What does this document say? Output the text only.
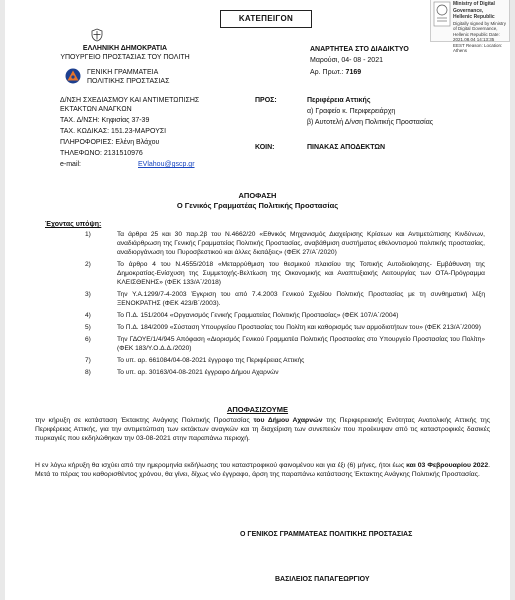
ΚΑΤΕΠΕΙΓΟΝ
Ministry of Digital
Governance,
Hellenic Republic
Digitally signed by Ministry of Digital Governance, Hellenic Republic Date: 2021.08.04 14:13:35 EEST Reason: Location: Athens
ΕΛΛΗΝΙΚΗ ΔΗΜΟΚΡΑΤΙΑ
ΥΠΟΥΡΓΕΙΟ ΠΡΟΣΤΑΣΙΑΣ ΤΟΥ ΠΟΛΙΤΗ
ΓΕΝΙΚΗ ΓΡΑΜΜΑΤΕΙΑ
ΠΟΛΙΤΙΚΗΣ ΠΡΟΣΤΑΣΙΑΣ
ΑΝΑΡΤΗΤΕΑ ΣΤΟ ΔΙΑΔΙΚΤΥΟ
Μαρούσι, 04- 08 - 2021
Αρ. Πρωτ.: 7169
Δ/ΝΣΗ ΣΧΕΔΙΑΣΜΟΥ ΚΑΙ ΑΝΤΙΜΕΤΩΠΙΣΗΣ
ΕΚΤΑΚΤΩΝ ΑΝΑΓΚΩΝ
ΤΑΧ. Δ/ΝΣΗ: Κηφισίας 37-39
ΤΑΧ. ΚΩΔΙΚΑΣ: 151.23-ΜΑΡΟΥΣΙ
ΠΛΗΡΟΦΟΡΙΕΣ: Ελένη Βλάχου
ΤΗΛΕΦΩΝΟ: 2131510976
e-mail:	EVlahou@gscp.gr
ΠΡΟΣ:	Περιφέρεια Αττικής
α) Γραφείο κ. Περιφερειάρχη
β) Αυτοτελή Δ/νση Πολιτικής Προστασίας
ΚΟΙΝ:	ΠΙΝΑΚΑΣ ΑΠΟΔΕΚΤΩΝ
ΑΠΟΦΑΣΗ
Ο Γενικός Γραμματέας Πολιτικής Προστασίας
Έχοντας υπόψη:
1)	Τα άρθρα 25 και 30 παρ.2β του Ν.4662/20 «Εθνικός Μηχανισμός Διαχείρισης Κρίσεων και Αντιμετώπισης Κινδύνων, αναδιάρθρωση της Γενικής Γραμματείας Πολιτικής Προστασίας, αναβάθμιση συστήματος εθελοντισμού πολιτικής προστασίας, αναδιοργάνωση του Πυροσβεστικού και άλλες διατάξεις» (ΦΕΚ 27/Α΄/2020)
2)	Το άρθρο 4 του Ν.4555/2018 «Μεταρρύθμιση του θεσμικού πλαισίου της Τοπικής Αυτοδιοίκησης- Εμβάθυνση της Δημοκρατίας-Ενίσχυση της Συμμετοχής-Βελτίωση της Οικονομικής και Αναπτυξιακής Λειτουργίας των ΟΤΑ-Πρόγραμμα ΚΛΕΙΣΘΕΝΗΣ» (ΦΕΚ 133/Α΄/2018)
3)	Την Υ.Α.1299/7-4-2003 Έγκριση του από 7.4.2003 Γενικού Σχεδίου Πολιτικής Προστασίας με τη συνθηματική λέξη ΞΕΝΟΚΡΑΤΗΣ (ΦΕΚ 423/Β΄/2003).
4)	Το Π.Δ. 151/2004 «Οργανισμός Γενικής Γραμματείας Πολιτικής Προστασίας» (ΦΕΚ 107/Α΄/2004)
5)	Το Π.Δ. 184/2009 «Σύσταση Υπουργείου Προστασίας του Πολίτη και καθορισμός των αρμοδιοτήτων του» (ΦΕΚ 213/Α΄/2009)
6)	Την ΓΔΟΥΕ/1/4/945 Απόφαση «Διορισμός Γενικού Γραμματέα Πολιτικής Προστασίας στο Υπουργείο Προστασίας του Πολίτη» (ΦΕΚ 183/Υ.Ο.Δ.Δ./2020)
7)	Το υπ. αρ. 661084/04-08-2021 έγγραφο της Περιφέρειας Αττικής
8)	Το υπ. αρ. 30163/04-08-2021 έγγραφο Δήμου Αχαρνών
ΑΠΟΦΑΣΙΖΟΥΜΕ
την κήρυξη σε κατάσταση Έκτακτης Ανάγκης Πολιτικής Προστασίας του Δήμου Αχαρνών της Περιφερειακής Ενότητας Ανατολικής Αττικής της Περιφέρειας Αττικής, για την αντιμετώπιση των εκτάκτων αναγκών και τη διαχείριση των συνεπειών που προέκυψαν από τις καταστροφικές δασικές πυρκαγιές που εκδηλώθηκαν την 03-08-2021 στην παραπάνω περιοχή.
Η εν λόγω κήρυξη θα ισχύει από την ημερομηνία εκδήλωσης του καταστροφικού φαινομένου και για έξι (6) μήνες, ήτοι έως και 03 Φεβρουαρίου 2022. Μετά το πέρας του καθορισθέντος χρόνου, θα γίνει, δίχως νέο έγγραφο, άρση της παραπάνω κατάστασης Έκτακτης Ανάγκης Πολιτικής Προστασίας.
Ο ΓΕΝΙΚΟΣ ΓΡΑΜΜΑΤΕΑΣ ΠΟΛΙΤΙΚΗΣ ΠΡΟΣΤΑΣΙΑΣ
ΒΑΣΙΛΕΙΟΣ ΠΑΠΑΓΕΩΡΓΙΟΥ
